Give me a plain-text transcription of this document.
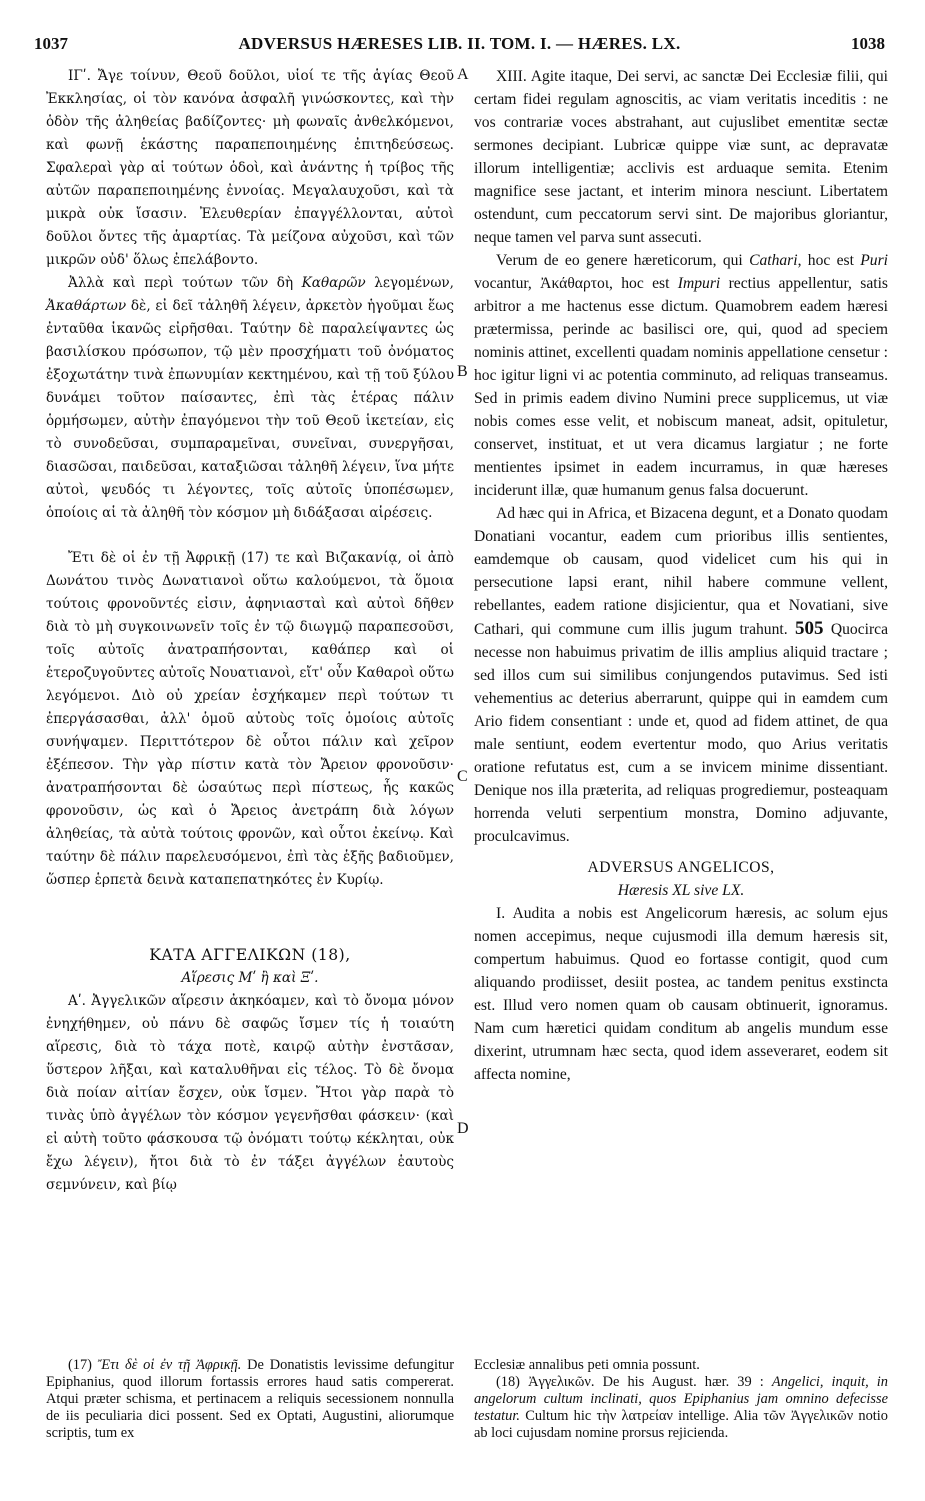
1037	ADVERSUS HÆRESES LIB. II. TOM. I. — HÆRES. LX.	1038
A
B
C
D

ΙΓʹ. Ἄγε τοίνυν, Θεοῦ δοῦλοι, υἱοί τε τῆς ἁγίας Θεοῦ Ἐκκλησίας, οἱ τὸν κανόνα ἀσφαλῆ γινώσκοντες, καὶ τὴν ὁδὸν τῆς ἀληθείας βαδίζοντες· μὴ φωναῖς ἀνθελκόμενοι, καὶ φωνῇ ἑκάστης παραπεποιημένης ἐπιτηδεύσεως. Σφαλεραὶ γὰρ αἱ τούτων ὁδοὶ, καὶ ἀνάντης ἡ τρίβος τῆς αὐτῶν παραπεποιημένης ἐννοίας. Μεγαλαυχοῦσι, καὶ τὰ μικρὰ οὐκ ἴσασιν. Ἐλευθερίαν ἐπαγγέλλονται, αὐτοὶ δοῦλοι ὄντες τῆς ἁμαρτίας. Τὰ μείζονα αὐχοῦσι, καὶ τῶν μικρῶν οὐδ' ὅλως ἐπελάβοντο.

Ἀλλὰ καὶ περὶ τούτων τῶν δὴ Καθαρῶν λεγομένων, Ἀκαθάρτων δὲ, εἰ δεῖ τἀληθῆ λέγειν, ἀρκετὸν ἡγοῦμαι ἕως ἐνταῦθα ἱκανῶς εἰρῆσθαι. Ταύτην δὲ παραλείψαντες ὡς βασιλίσκου πρόσωπον, τῷ μὲν προσχήματι τοῦ ὀνόματος ἐξοχωτάτην τινὰ ἐπωνυμίαν κεκτημένου, καὶ τῇ τοῦ ξύλου δυνάμει τοῦτον παίσαντες, ἐπὶ τὰς ἑτέρας πάλιν ὁρμήσωμεν, αὐτὴν ἐπαγόμενοι τὴν τοῦ Θεοῦ ἱκετείαν, εἰς τὸ συνοδεῦσαι, συμπαραμεῖναι, συνεῖναι, συνεργῆσαι, διασῶσαι, παιδεῦσαι, καταξιῶσαι τἀληθῆ λέγειν, ἵνα μήτε αὐτοὶ, ψευδός τι λέγοντες, τοῖς αὐτοῖς ὑποπέσωμεν, ὁποίοις αἱ τὰ ἀληθῆ τὸν κόσμον μὴ διδάξασαι αἱρέσεις.

Ἔτι δὲ οἱ ἐν τῇ Ἀφρικῇ (17) τε καὶ Βιζακανίᾳ, οἱ ἀπὸ Δωνάτου τινὸς Δωνατιανοὶ οὕτω καλούμενοι, τὰ ὅμοια τούτοις φρονοῦντές εἰσιν, ἀφηνιασταὶ καὶ αὐτοὶ δῆθεν διὰ τὸ μὴ συγκοινωνεῖν τοῖς ἐν τῷ διωγμῷ παραπεσοῦσι, τοῖς αὐτοῖς ἀνατραπήσονται, καθάπερ καὶ οἱ ἑτεροζυγοῦντες αὐτοῖς Νουατιανοὶ, εἴτ' οὖν Καθαροὶ οὕτω λεγόμενοι. Διὸ οὐ χρείαν ἐσχήκαμεν περὶ τούτων τι ἐπεργάσασθαι, ἀλλ' ὁμοῦ αὐτοὺς τοῖς ὁμοίοις αὐτοῖς συνήψαμεν. Περιττότερον δὲ οὗτοι πάλιν καὶ χεῖρον ἐξέπεσον. Τὴν γὰρ πίστιν κατὰ τὸν Ἄρειον φρονοῦσιν· ἀνατραπήσονται δὲ ὡσαύτως περὶ πίστεως, ἧς κακῶς φρονοῦσιν, ὡς καὶ ὁ Ἄρειος ἀνετράπη διὰ λόγων ἀληθείας, τὰ αὐτὰ τούτοις φρονῶν, καὶ οὗτοι ἐκείνῳ. Καὶ ταύτην δὲ πάλιν παρελευσόμενοι, ἐπὶ τὰς ἑξῆς βαδιοῦμεν, ὥσπερ ἑρπετὰ δεινὰ καταπεπατηκότες ἐν Κυρίῳ.

ΚΑΤΑ ΑΓΓΕΛΙΚΩΝ (18),

Αἵρεσις Μʹ ἢ καὶ Ξʹ.

Αʹ. Ἀγγελικῶν αἵρεσιν ἀκηκόαμεν, καὶ τὸ ὄνομα μόνον ἐνηχήθημεν, οὐ πάνυ δὲ σαφῶς ἴσμεν τίς ἡ τοιαύτη αἵρεσις, διὰ τὸ τάχα ποτὲ, καιρῷ αὐτὴν ἐνστᾶσαν, ὕστερον λῆξαι, καὶ καταλυθῆναι εἰς τέλος. Τὸ δὲ ὄνομα διὰ ποίαν αἰτίαν ἔσχεν, οὐκ ἴσμεν. Ἤτοι γὰρ παρὰ τὸ τινὰς ὑπὸ ἀγγέλων τὸν κόσμον γεγενῆσθαι φάσκειν· (καὶ εἰ αὐτὴ τοῦτο φάσκουσα τῷ ὀνόματι τούτῳ κέκληται, οὐκ ἔχω λέγειν), ἤτοι διὰ τὸ ἐν τάξει ἀγγέλων ἑαυτοὺς σεμνύνειν, καὶ βίῳ

XIII. Agite itaque, Dei servi, ac sanctæ Dei Ecclesiæ filii, qui certam fidei regulam agnoscitis, ac viam veritatis inceditis : ne vos contrariæ voces abstrahant, aut cujuslibet ementitæ sectæ sermones decipiant. Lubricæ quippe viæ sunt, ac depravatæ illorum intelligentiæ; acclivis est arduaque semita. Etenim magnifice sese jactant, et interim minora nesciunt. Libertatem ostendunt, cum peccatorum servi sint. De majoribus gloriantur, neque tamen vel parva sunt assecuti.

Verum de eo genere hæreticorum, qui Cathari, hoc est Puri vocantur, Ἀκάθαρτοι, hoc est Impuri rectius appellentur, satis arbitror a me hactenus esse dictum. Quamobrem eadem hæresi prætermissa, perinde ac basilisci ore, qui, quod ad speciem nominis attinet, excellenti quadam nominis appellatione censetur : hoc igitur ligni vi ac potentia comminuto, ad reliquas transeamus. Sed in primis eadem divino Numini prece supplicemus, ut viæ nobis comes esse velit, et nobiscum maneat, adsit, opituletur, conservet, instituat, et ut vera dicamus largiatur ; ne forte mentientes ipsimet in eadem incurramus, in quæ hæreses inciderunt illæ, quæ humanum genus falsa docuerunt.

Ad hæc qui in Africa, et Bizacena degunt, et a Donato quodam Donatiani vocantur, eadem cum prioribus illis sentientes, eamdemque ob causam, quod videlicet cum his qui in persecutione lapsi erant, nihil habere commune vellent, rebellantes, eadem ratione disjicientur, qua et Novatiani, sive Cathari, qui commune cum illis jugum trahunt. 505 Quocirca necesse non habuimus privatim de illis amplius aliquid tractare ; sed illos cum sui similibus conjungendos putavimus. Sed isti vehementius ac deterius aberrarunt, quippe qui in eamdem cum Ario fidem consentiant : unde et, quod ad fidem attinet, de qua male sentiunt, eodem evertentur modo, quo Arius veritatis oratione refutatus est, cum a se invicem minime dissentiant. Denique nos illa præterita, ad reliquas progrediemur, posteaquam horrenda veluti serpentium monstra, Domino adjuvante, proculcavimus.

ADVERSUS ANGELICOS,

Hæresis XL sive LX.

I. Audita a nobis est Angelicorum hæresis, ac solum ejus nomen accepimus, neque cujusmodi illa demum hæresis sit, compertum habuimus. Quod eo fortasse contigit, quod cum aliquando prodiisset, desiit postea, ac tandem penitus exstincta est. Illud vero nomen quam ob causam obtinuerit, ignoramus. Nam cum hæretici quidam conditum ab angelis mundum esse dixerint, utrumnam hæc secta, quod idem asseveraret, eodem sit affecta nomine,

(17) Ἔτι δὲ οἱ ἐν τῇ Ἀφρικῇ. De Donatistis levissime defungitur Epiphanius, quod illorum fortassis errores haud satis compererat. Atqui præter schisma, et pertinacem a reliquis secessionem nonnulla de iis peculiaria dici possent. Sed ex Optati, Augustini, aliorumque scriptis, tum ex

Ecclesiæ annalibus peti omnia possunt.

(18) Ἀγγελικῶν. De his August. hær. 39 : Angelici, inquit, in angelorum cultum inclinati, quos Epiphanius jam omnino defecisse testatur. Cultum hic τὴν λατρείαν intellige. Alia τῶν Ἀγγελικῶν notio ab loci cujusdam nomine prorsus rejicienda.
